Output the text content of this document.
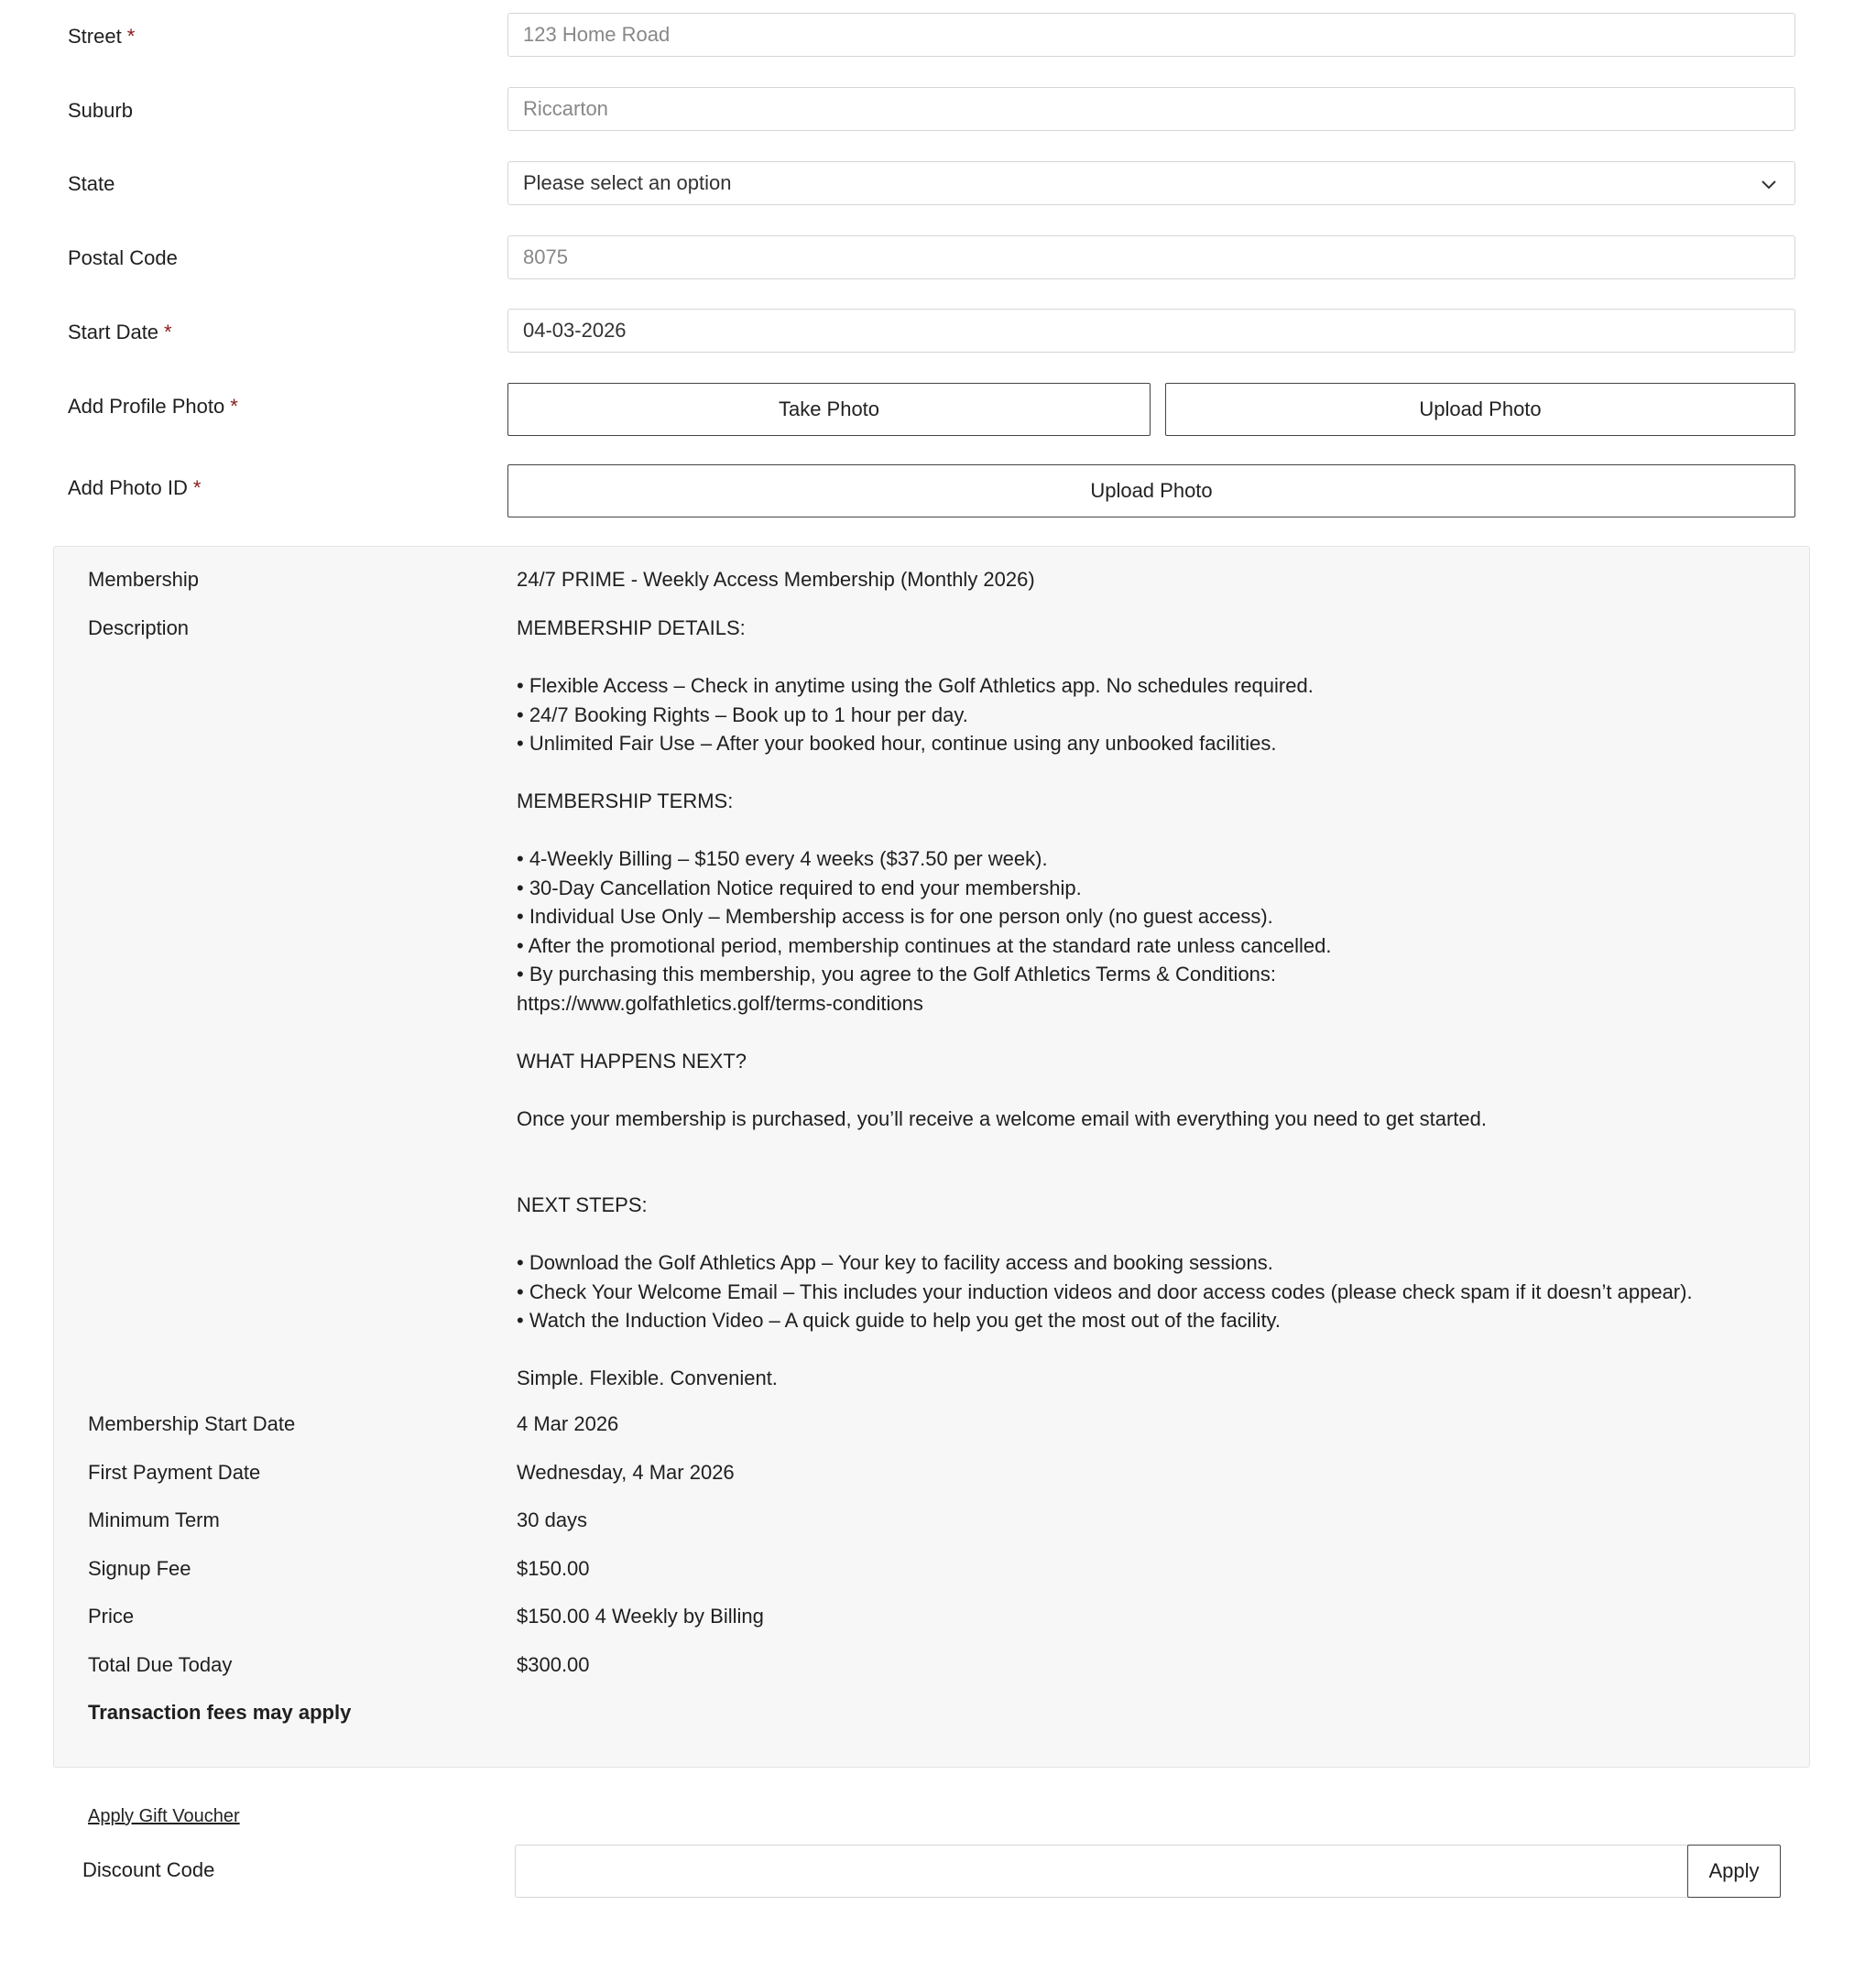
Street *	123 Home Road
Suburb	Riccarton
State	Please select an option
Postal Code	8075
Start Date *	04-03-2026
Add Profile Photo *	Take Photo	Upload Photo
Add Photo ID *	Upload Photo
Membership	24/7 PRIME - Weekly Access Membership (Monthly 2026)
Description	MEMBERSHIP DETAILS:
• Flexible Access – Check in anytime using the Golf Athletics app. No schedules required.
• 24/7 Booking Rights – Book up to 1 hour per day.
• Unlimited Fair Use – After your booked hour, continue using any unbooked facilities.
MEMBERSHIP TERMS:
• 4-Weekly Billing – $150 every 4 weeks ($37.50 per week).
• 30-Day Cancellation Notice required to end your membership.
• Individual Use Only – Membership access is for one person only (no guest access).
• After the promotional period, membership continues at the standard rate unless cancelled.
• By purchasing this membership, you agree to the Golf Athletics Terms & Conditions:
https://www.golfathletics.golf/terms-conditions
WHAT HAPPENS NEXT?
Once your membership is purchased, you’ll receive a welcome email with everything you need to get started.
NEXT STEPS:
• Download the Golf Athletics App – Your key to facility access and booking sessions.
• Check Your Welcome Email – This includes your induction videos and door access codes (please check spam if it doesn’t appear).
• Watch the Induction Video – A quick guide to help you get the most out of the facility.
Simple. Flexible. Convenient.
Membership Start Date	4 Mar 2026
First Payment Date	Wednesday, 4 Mar 2026
Minimum Term	30 days
Signup Fee	$150.00
Price	$150.00 4 Weekly by Billing
Total Due Today	$300.00
Transaction fees may apply
Apply Gift Voucher
Discount Code	Apply
